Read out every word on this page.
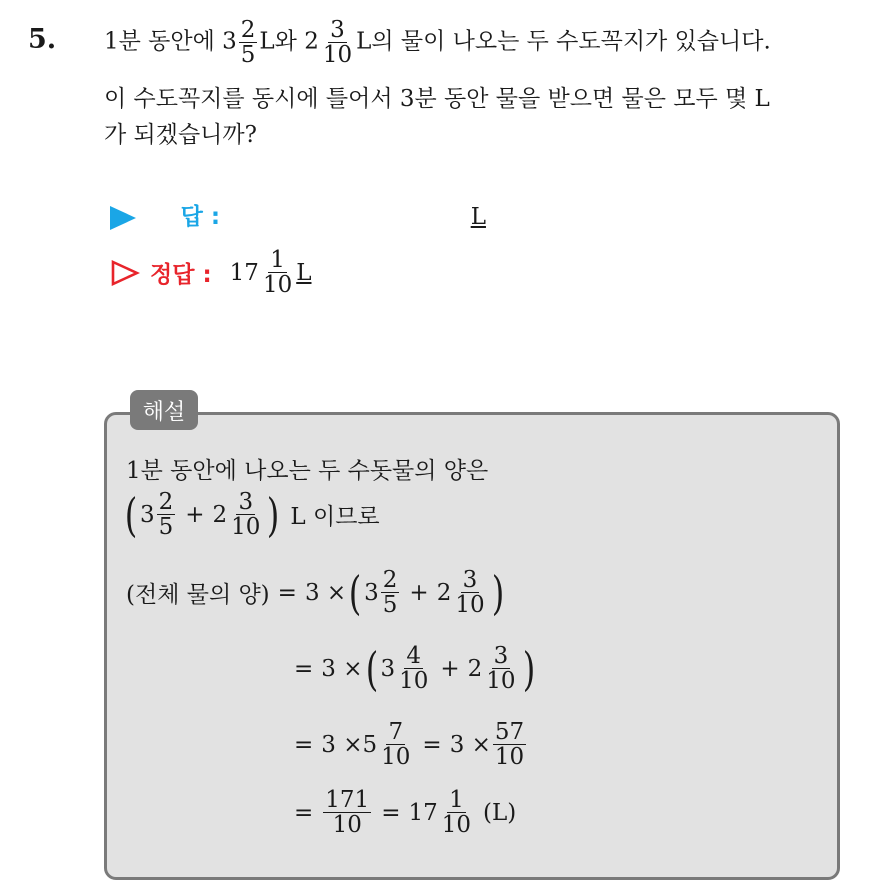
5. 1분 동안에 $3 \frac{2}{5}$ L와 $2 \frac{3}{10}$ L의 물이 나오는 두 수도꼭지가 있습니다.
이 수도꼭지를 동시에 틀어서 3분 동안 물을 받으면 물은 모두 몇 L
가 되겠습니까?
답 :	L
정답 : $17 \frac{1}{10}$ L
해설
1분 동안에 나오는 두 수돗물의 양은
( $3 \frac{2}{5} + 2 \frac{3}{10}$ ) L 이므로
(전체 물의 양) = 3 × ( $3 \frac{2}{5} + 2 \frac{3}{10}$ )
= 3 × ( $3 \frac{4}{10} + 2 \frac{3}{10}$ )
= $3 \times 5 \frac{7}{10} = 3 \times \frac{57}{10}$
= $\frac{171}{10} = 17 \frac{1}{10} (L)$
